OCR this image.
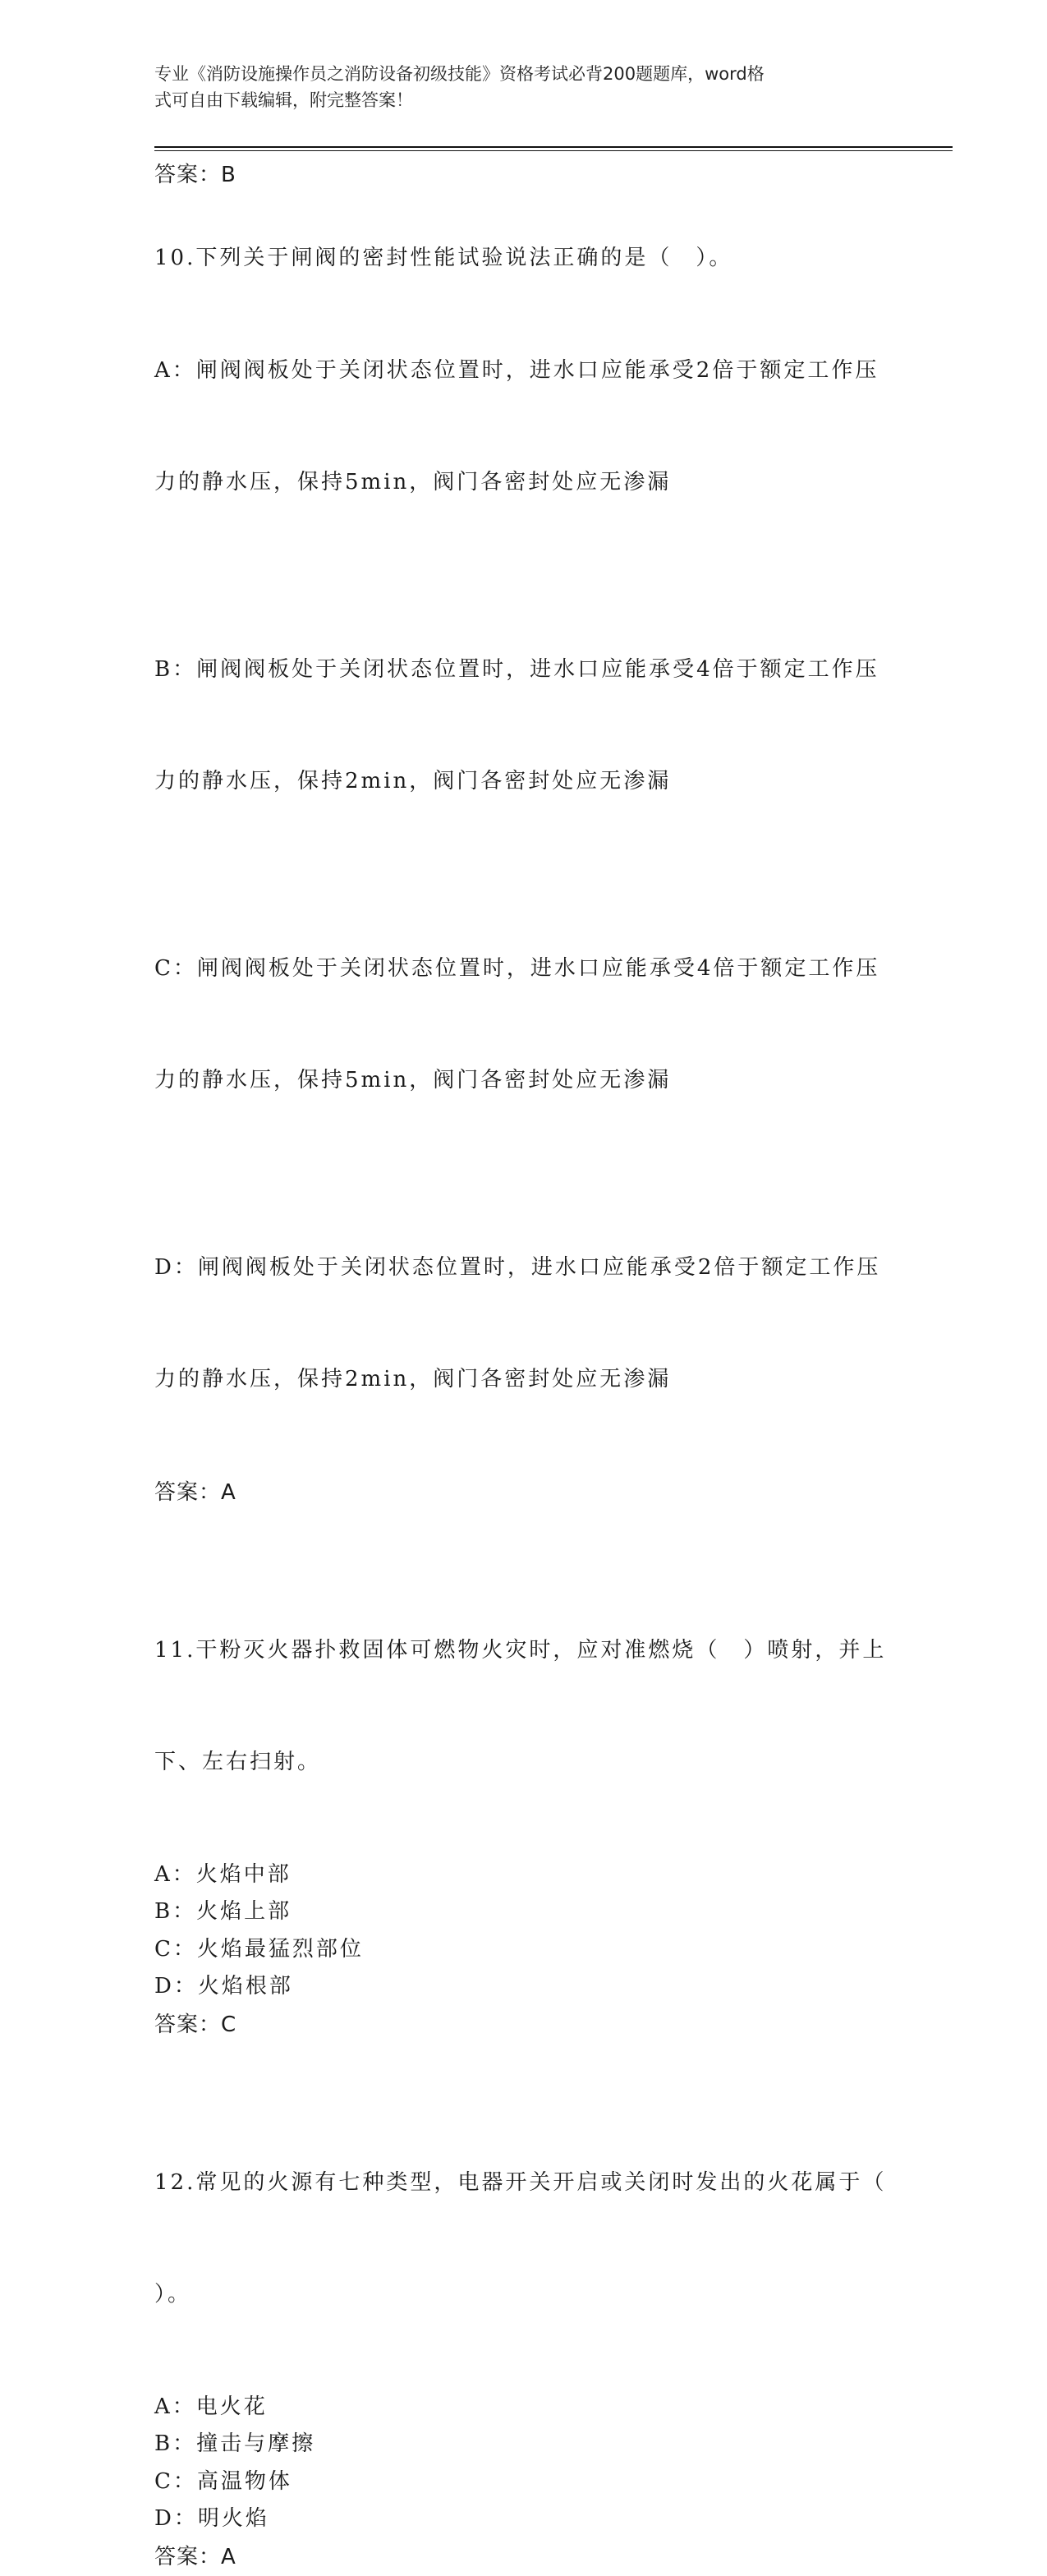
专业《消防设施操作员之消防设备初级技能》资格考试必背200题题库，word格
式可自由下载编辑，附完整答案！
答案：B
10.下列关于闸阀的密封性能试验说法正确的是（　）。

A：闸阀阀板处于关闭状态位置时，进水口应能承受2倍于额定工作压

力的静水压，保持5min，阀门各密封处应无渗漏

B：闸阀阀板处于关闭状态位置时，进水口应能承受4倍于额定工作压

力的静水压，保持2min，阀门各密封处应无渗漏

C：闸阀阀板处于关闭状态位置时，进水口应能承受4倍于额定工作压

力的静水压，保持5min，阀门各密封处应无渗漏

D：闸阀阀板处于关闭状态位置时，进水口应能承受2倍于额定工作压

力的静水压，保持2min，阀门各密封处应无渗漏

答案：A

11.干粉灭火器扑救固体可燃物火灾时，应对准燃烧（　）喷射，并上

下、左右扫射。

A：火焰中部
B：火焰上部
C：火焰最猛烈部位
D：火焰根部
答案：C

12.常见的火源有七种类型，电器开关开启或关闭时发出的火花属于（

）。

A：电火花
B：撞击与摩擦
C：高温物体
D：明火焰
答案：A
